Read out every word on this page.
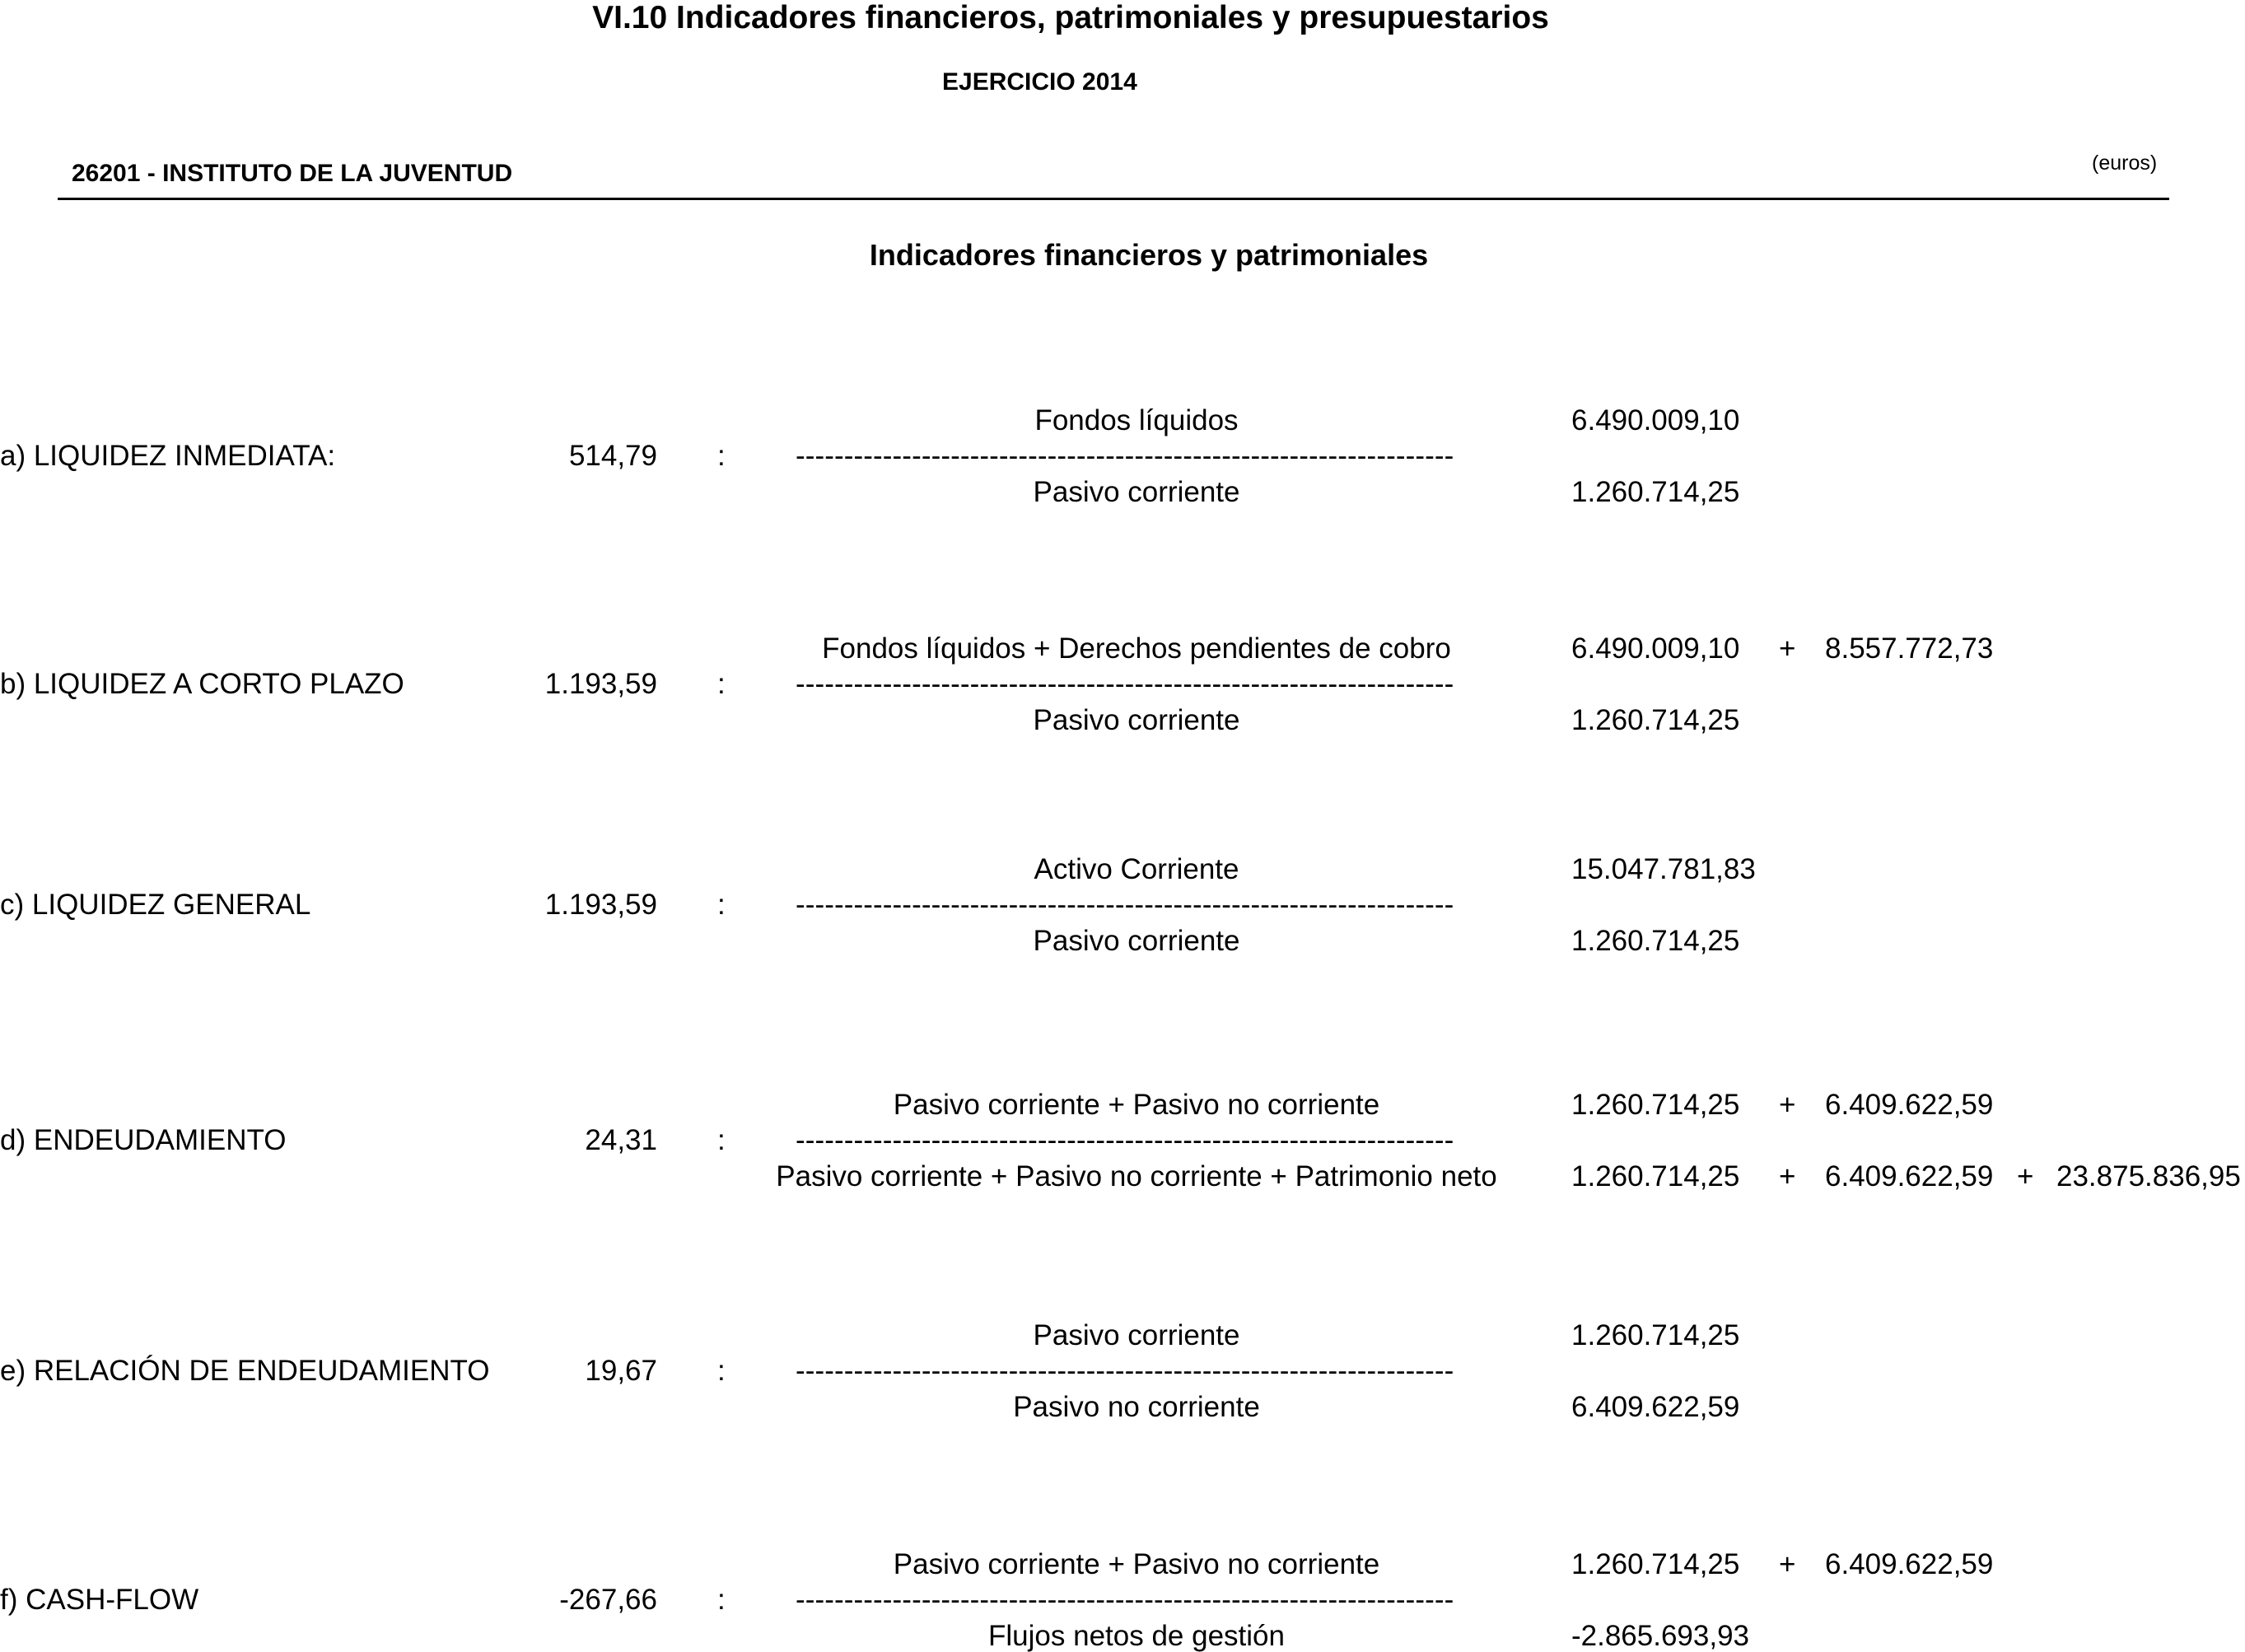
VI.10 Indicadores financieros, patrimoniales y presupuestarios
EJERCICIO 2014
26201 - INSTITUTO DE LA JUVENTUD	(euros)
Indicadores financieros y patrimoniales
Fondos líquidos	6.490.009,10
a) LIQUIDEZ INMEDIATA:	514,79 : --------------------------------------------------------------------
Pasivo corriente	1.260.714,25
Fondos líquidos + Derechos pendientes de cobro	6.490.009,10 + 8.557.772,73
b) LIQUIDEZ A CORTO PLAZO	1.193,59 : --------------------------------------------------------------------
Pasivo corriente	1.260.714,25
Activo Corriente	15.047.781,83
c) LIQUIDEZ GENERAL	1.193,59 : --------------------------------------------------------------------
Pasivo corriente	1.260.714,25
Pasivo corriente + Pasivo no corriente	1.260.714,25 + 6.409.622,59
d) ENDEUDAMIENTO	24,31 : --------------------------------------------------------------------
Pasivo corriente + Pasivo no corriente + Patrimonio neto	1.260.714,25 + 6.409.622,59 + 23.875.836,95
Pasivo corriente	1.260.714,25
e) RELACIÓN DE ENDEUDAMIENTO	19,67 : --------------------------------------------------------------------
Pasivo no corriente	6.409.622,59
Pasivo corriente + Pasivo no corriente	1.260.714,25 + 6.409.622,59
f) CASH-FLOW	-267,66 : --------------------------------------------------------------------
Flujos netos de gestión	-2.865.693,93
